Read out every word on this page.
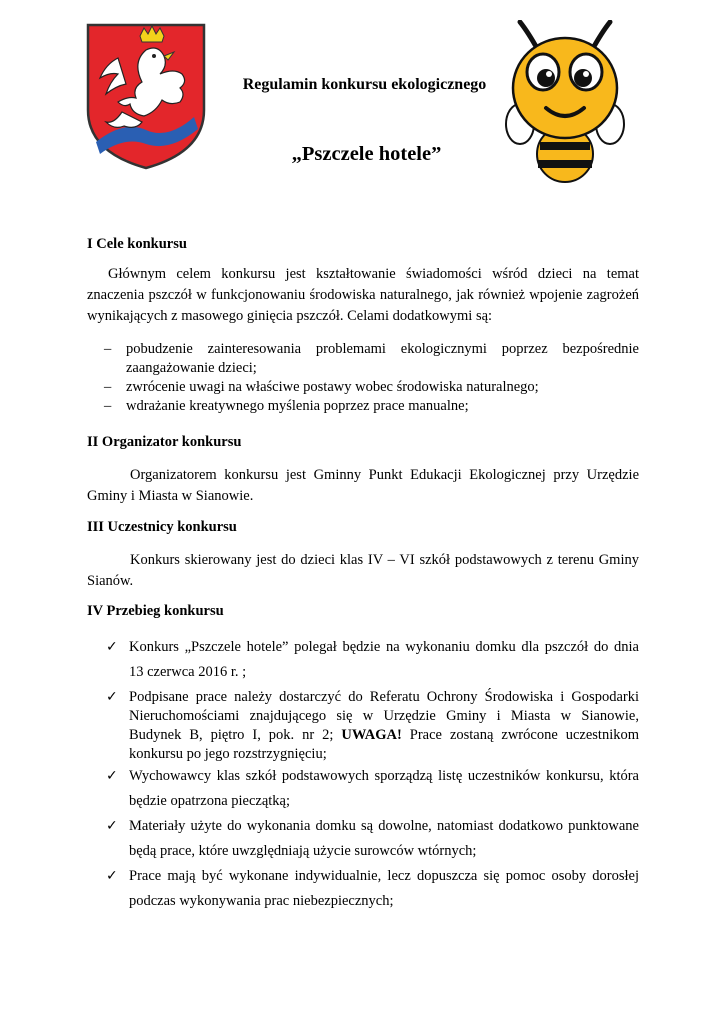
Regulamin konkursu ekologicznego
„Pszczele hotele”
I Cele konkursu
Głównym celem konkursu jest kształtowanie świadomości wśród dzieci na temat
znaczenia pszczół w funkcjonowaniu środowiska naturalnego, jak również wpojenie zagrożeń
wynikających z masowego ginięcia pszczół. Celami dodatkowymi są:
– pobudzenie zainteresowania problemami ekologicznymi poprzez bezpośrednie
zaangażowanie dzieci;
– zwrócenie uwagi na właściwe postawy wobec środowiska naturalnego;
– wdrażanie kreatywnego myślenia poprzez prace manualne;
II Organizator konkursu
Organizatorem konkursu jest Gminny Punkt Edukacji Ekologicznej przy Urzędzie
Gminy i Miasta w Sianowie.
III Uczestnicy konkursu
Konkurs skierowany jest do dzieci klas IV – VI szkół podstawowych z terenu Gminy
Sianów.
IV Przebieg konkursu
✓ Konkurs „Pszczele hotele” polegał będzie na wykonaniu domku dla pszczół do dnia
13 czerwca 2016 r. ;
✓ Podpisane prace należy dostarczyć do Referatu Ochrony Środowiska i Gospodarki
Nieruchomościami znajdującego się w Urzędzie Gminy i Miasta w Sianowie,
Budynek B, piętro I, pok. nr 2; UWAGA! Prace zostaną zwrócone uczestnikom
konkursu po jego rozstrzygnięciu;
✓ Wychowawcy klas szkół podstawowych sporządzą listę uczestników konkursu, która
będzie opatrzona pieczątką;
✓ Materiały użyte do wykonania domku są dowolne, natomiast dodatkowo punktowane
będą prace, które uwzględniają użycie surowców wtórnych;
✓ Prace mają być wykonane indywidualnie, lecz dopuszcza się pomoc osoby dorosłej
podczas wykonywania prac niebezpiecznych;
